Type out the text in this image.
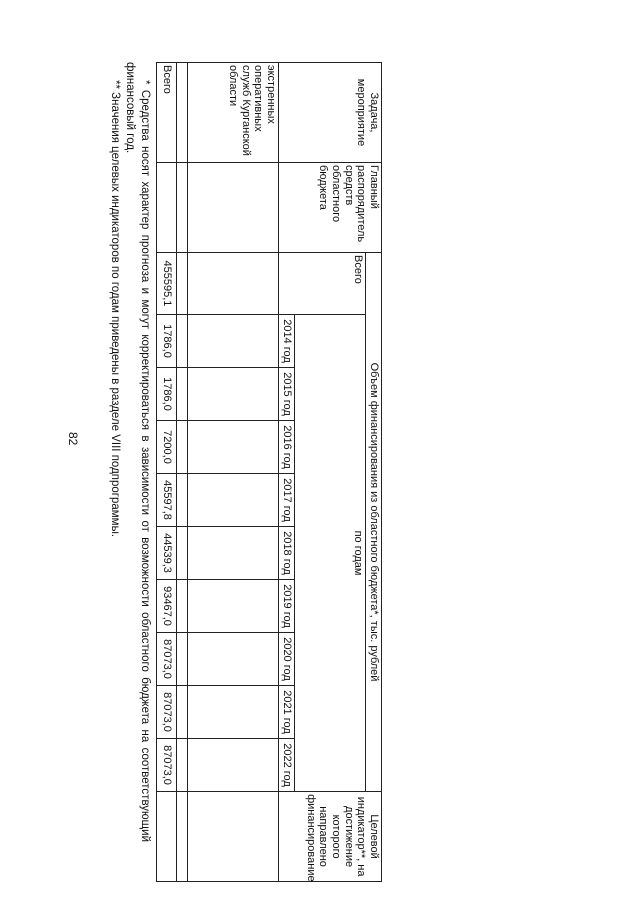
82
Задача, мероприятие	Главный распорядитель средств областного бюджета	Объем финансирования из областного бюджета*, тыс. рублей										Целевой индикатор**, на достижение которого направлено финансирование
		Всего	по годам									
			2014 год	2015 год	2016 год	2017 год	2018 год	2019 год	2020 год	2021 год	2022 год	
экстренных оперативных служб Курганской области												

Всего		455595,1	1786,0	1786,0	7200,0	45597,8	44539,3	93467,0	87073,0	87073,0	87073,0	

* Средства носят характер прогноза и могут корректироваться в зависимости от возможности областного бюджета на соответствующий финансовый год.

** Значения целевых индикаторов по годам приведены в разделе VIII подпрограммы.
